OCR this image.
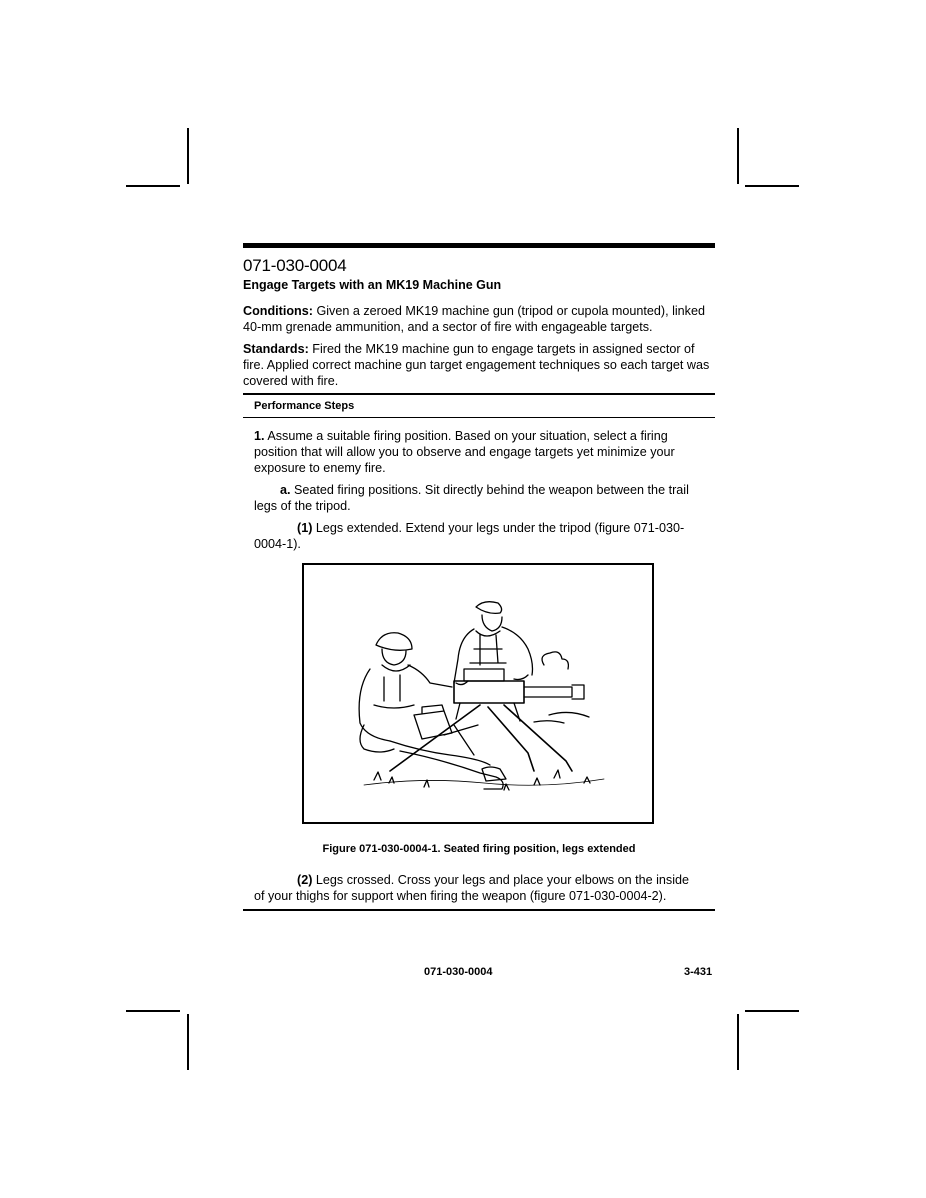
071-030-0004
Engage Targets with an MK19 Machine Gun

Conditions: Given a zeroed MK19 machine gun (tripod or cupola mounted), linked 40-mm grenade ammunition, and a sector of fire with engageable targets.

Standards: Fired the MK19 machine gun to engage targets in assigned sector of fire. Applied correct machine gun target engagement techniques so each target was covered with fire.

Performance Steps

1. Assume a suitable firing position. Based on your situation, select a firing position that will allow you to observe and engage targets yet minimize your exposure to enemy fire.

a. Seated firing positions. Sit directly behind the weapon between the trail legs of the tripod.

(1) Legs extended. Extend your legs under the tripod (figure 071-030-0004-1).

Figure 071-030-0004-1. Seated firing position, legs extended

(2) Legs crossed. Cross your legs and place your elbows on the inside of your thighs for support when firing the weapon (figure 071-030-0004-2).

071-030-0004	3-431
